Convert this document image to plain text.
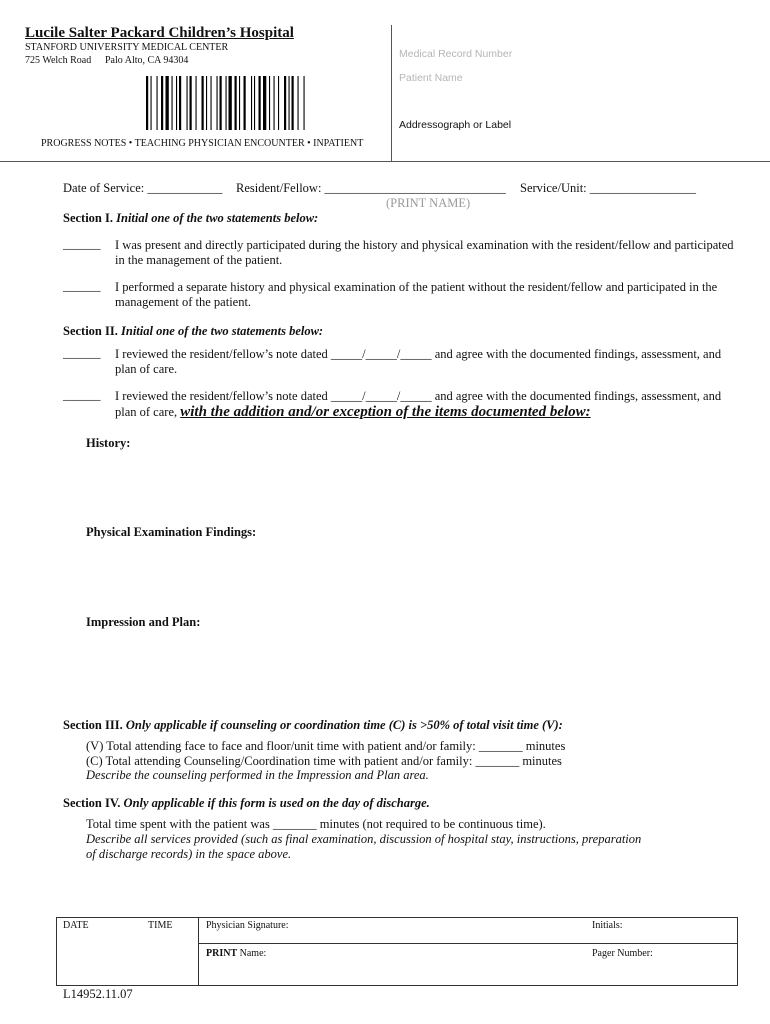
Lucile Salter Packard Children’s Hospital
STANFORD UNIVERSITY MEDICAL CENTER
725 Welch Road Palo Alto, CA 94304
PROGRESS NOTES • TEACHING PHYSICIAN ENCOUNTER • INPATIENT
Medical Record Number
Patient Name
Addressograph or Label
Date of Service: ____________ Resident/Fellow: _____________________________ Service/Unit: _________________
(PRINT NAME)
Section I. Initial one of the two statements below:
______ I was present and directly participated during the history and physical examination with the resident/fellow and participated in the management of the patient.
______ I performed a separate history and physical examination of the patient without the resident/fellow and participated in the management of the patient.
Section II. Initial one of the two statements below:
______ I reviewed the resident/fellow’s note dated _____/_____/_____ and agree with the documented findings, assessment, and plan of care.
______ I reviewed the resident/fellow’s note dated _____/_____/_____ and agree with the documented findings, assessment, and
plan of care, with the addition and/or exception of the items documented below:
History:
Physical Examination Findings:
Impression and Plan:
Section III. Only applicable if counseling or coordination time (C) is >50% of total visit time (V):
(V) Total attending face to face and floor/unit time with patient and/or family: _______ minutes
(C) Total attending Counseling/Coordination time with patient and/or family: _______ minutes
Describe the counseling performed in the Impression and Plan area.
Section IV. Only applicable if this form is used on the day of discharge.
Total time spent with the patient was _______ minutes (not required to be continuous time).
Describe all services provided (such as final examination, discussion of hospital stay, instructions, preparation
of discharge records) in the space above.
DATE	TIME	Physician Signature:	Initials:
PRINT Name:	Pager Number:
L14952.11.07
